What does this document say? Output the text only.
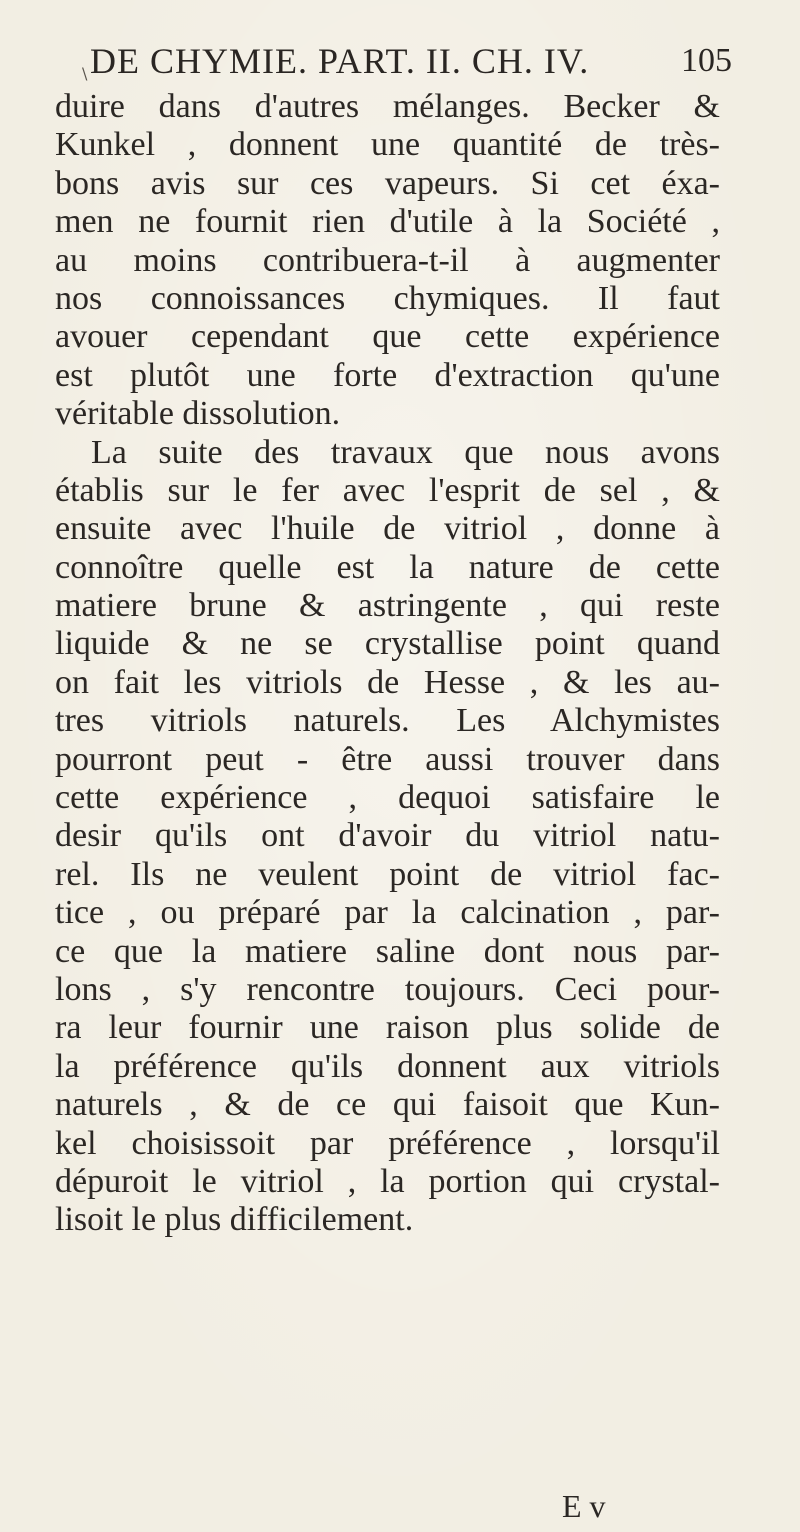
\ DE CHYMIE. PART. II. CH. IV.	105
duire dans d'autres mélanges. Becker &
Kunkel , donnent une quantité de très-
bons avis sur ces vapeurs. Si cet éxa-
men ne fournit rien d'utile à la Société ,
au moins contribuera-t-il à augmenter
nos connoissances chymiques. Il faut
avouer cependant que cette expérience
est plutôt une forte d'extraction qu'une
véritable dissolution.
La suite des travaux que nous avons
établis sur le fer avec l'esprit de sel , &
ensuite avec l'huile de vitriol , donne à
connoître quelle est la nature de cette
matiere brune & astringente , qui reste
liquide & ne se crystallise point quand
on fait les vitriols de Hesse , & les au-
tres vitriols naturels. Les Alchymistes
pourront peut - être aussi trouver dans
cette expérience , dequoi satisfaire le
desir qu'ils ont d'avoir du vitriol natu-
rel. Ils ne veulent point de vitriol fac-
tice , ou préparé par la calcination , par-
ce que la matiere saline dont nous par-
lons , s'y rencontre toujours. Ceci pour-
ra leur fournir une raison plus solide de
la préférence qu'ils donnent aux vitriols
naturels , & de ce qui faisoit que Kun-
kel choisissoit par préférence , lorsqu'il
dépuroit le vitriol , la portion qui crystal-
lisoit le plus difficilement.
E v
